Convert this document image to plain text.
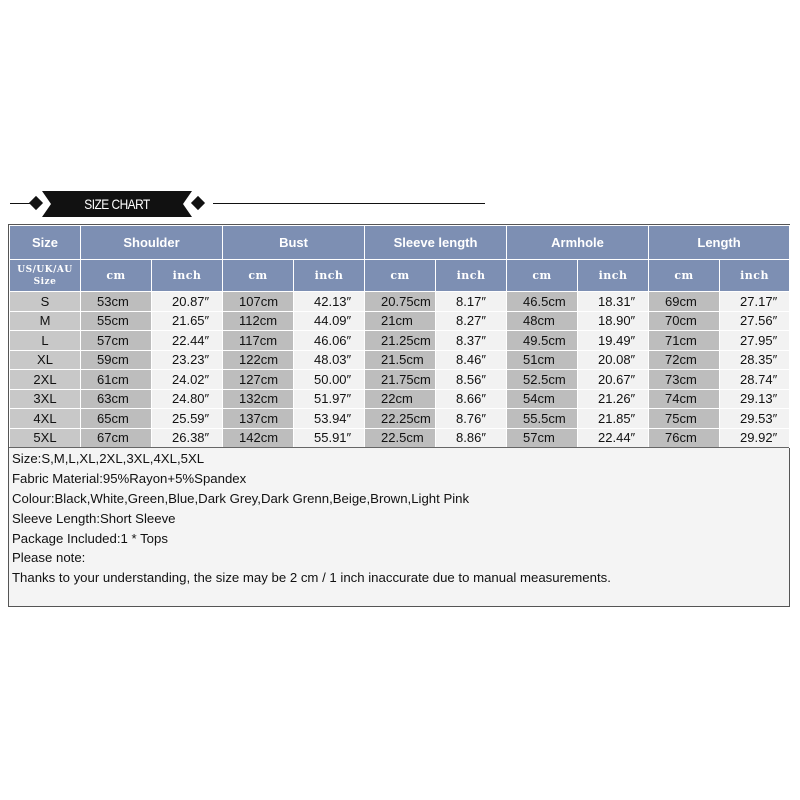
SIZE CHART
Size	Shoulder		Bust		Sleeve length		Armhole		Length	
US/UK/AU
Size	cm	inch	cm	inch	cm	inch	cm	inch	cm	inch
S	53cm	20.87″	107cm	42.13″	20.75cm	8.17″	46.5cm	18.31″	69cm	27.17″
M	55cm	21.65″	112cm	44.09″	21cm	8.27″	48cm	18.90″	70cm	27.56″
L	57cm	22.44″	117cm	46.06″	21.25cm	8.37″	49.5cm	19.49″	71cm	27.95″
XL	59cm	23.23″	122cm	48.03″	21.5cm	8.46″	51cm	20.08″	72cm	28.35″
2XL	61cm	24.02″	127cm	50.00″	21.75cm	8.56″	52.5cm	20.67″	73cm	28.74″
3XL	63cm	24.80″	132cm	51.97″	22cm	8.66″	54cm	21.26″	74cm	29.13″
4XL	65cm	25.59″	137cm	53.94″	22.25cm	8.76″	55.5cm	21.85″	75cm	29.53″
5XL	67cm	26.38″	142cm	55.91″	22.5cm	8.86″	57cm	22.44″	76cm	29.92″
Size:S,M,L,XL,2XL,3XL,4XL,5XL
Fabric Material:95%Rayon+5%Spandex
Colour:Black,White,Green,Blue,Dark Grey,Dark Grenn,Beige,Brown,Light Pink
Sleeve Length:Short Sleeve
Package Included:1 * Tops
Please note:
Thanks to your understanding, the size may be 2 cm / 1 inch inaccurate due to manual measurements.
